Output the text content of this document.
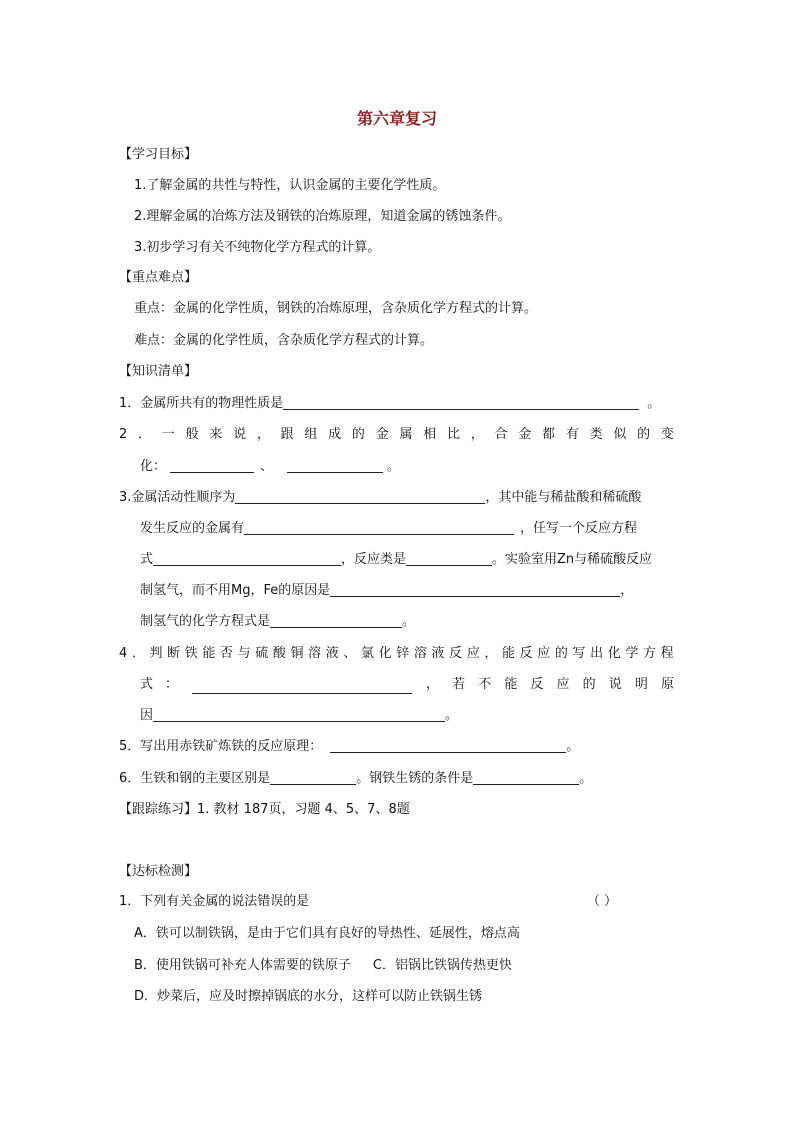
第六章复习
【学习目标】
1.了解金属的共性与特性，认识金属的主要化学性质。
2.理解金属的冶炼方法及钢铁的冶炼原理，知道金属的锈蚀条件。
3.初步学习有关不纯物化学方程式的计算。
【重点难点】
重点：金属的化学性质，钢铁的冶炼原理，含杂质化学方程式的计算。
难点：金属的化学性质，含杂质化学方程式的计算。
【知识清单】
1．金属所共有的物理性质是	。
2 ． 一 般 来 说 ， 跟 组 成 的 金 属 相 比 ， 合 金 都 有 类 似 的 变
化：	、	。
3.金属活动性顺序为	，其中能与稀盐酸和稀硫酸
发生反应的金属有	，任写一个反应方程
式	，反应类是	。实验室用Zn与稀硫酸反应
制氢气，而不用Mg，Fe的原因是	，
制氢气的化学方程式是	。
4 ． 判 断 铁 能 否 与 硫 酸 铜 溶 液 、 氯 化 锌 溶 液 反 应 ， 能 反 应 的 写 出 化 学 方 程
式 ：	， 若 不 能 反 应 的 说 明 原
因	。
5．写出用赤铁矿炼铁的反应原理：	。
6．生铁和钢的主要区别是	。钢铁生锈的条件是	。
【跟踪练习】1. 教材 187页，习题 4、5、7、8题
【达标检测】
1．下列有关金属的说法错误的是	（ ）
A．铁可以制铁锅，是由于它们具有良好的导热性、延展性，熔点高
B．使用铁锅可补充人体需要的铁原子 C．铝锅比铁锅传热更快
D．炒菜后，应及时擦掉锅底的水分，这样可以防止铁锅生锈
